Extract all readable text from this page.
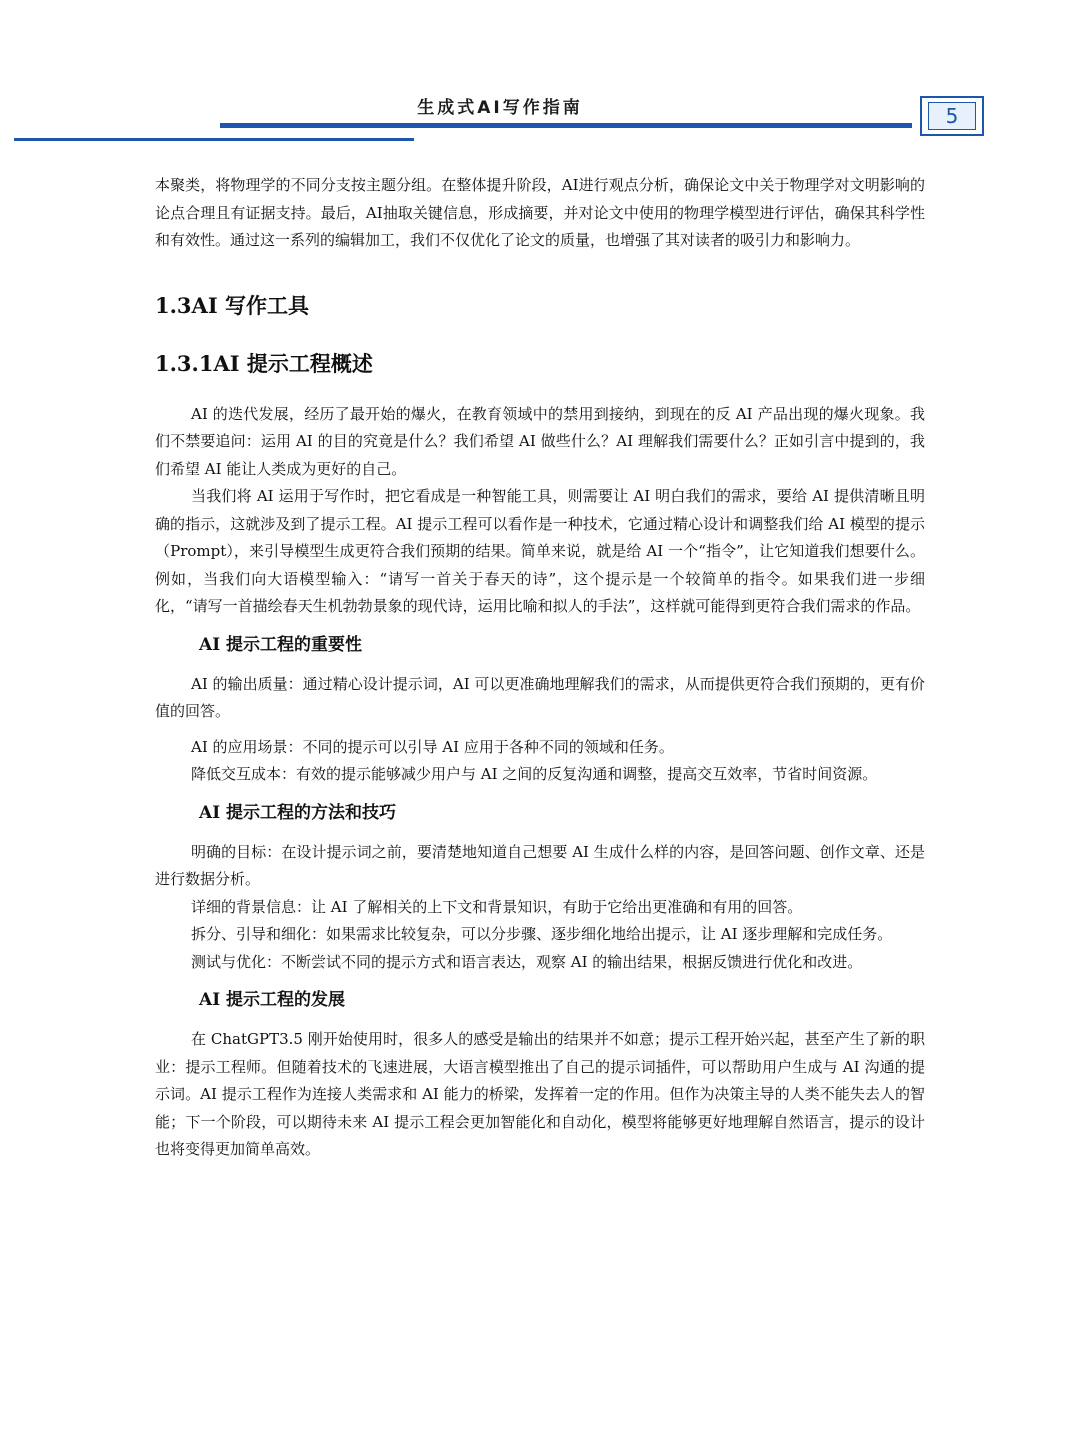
生成式AI写作指南	5

本聚类，将物理学的不同分支按主题分组。在整体提升阶段，AI进行观点分析，确保论文中关于物理学对文明影响的论点合理且有证据支持。最后，AI抽取关键信息，形成摘要，并对论文中使用的物理学模型进行评估，确保其科学性和有效性。通过这一系列的编辑加工，我们不仅优化了论文的质量，也增强了其对读者的吸引力和影响力。

1.3AI 写作工具
1.3.1AI 提示工程概述

AI 的迭代发展，经历了最开始的爆火，在教育领域中的禁用到接纳，到现在的反 AI 产品出现的爆火现象。我们不禁要追问：运用 AI 的目的究竟是什么？我们希望 AI 做些什么？AI 理解我们需要什么？正如引言中提到的，我们希望 AI 能让人类成为更好的自己。

当我们将 AI 运用于写作时，把它看成是一种智能工具，则需要让 AI 明白我们的需求，要给 AI 提供清晰且明确的指示，这就涉及到了提示工程。AI 提示工程可以看作是一种技术，它通过精心设计和调整我们给 AI 模型的提示（Prompt），来引导模型生成更符合我们预期的结果。简单来说，就是给 AI 一个“指令”，让它知道我们想要什么。例如，当我们向大语模型输入：“请写一首关于春天的诗”，这个提示是一个较简单的指令。如果我们进一步细化，“请写一首描绘春天生机勃勃景象的现代诗，运用比喻和拟人的手法”，这样就可能得到更符合我们需求的作品。

AI 提示工程的重要性

AI 的输出质量：通过精心设计提示词，AI 可以更准确地理解我们的需求，从而提供更符合我们预期的，更有价值的回答。

AI 的应用场景：不同的提示可以引导 AI 应用于各种不同的领域和任务。

降低交互成本：有效的提示能够减少用户与 AI 之间的反复沟通和调整，提高交互效率，节省时间资源。

AI 提示工程的方法和技巧

明确的目标：在设计提示词之前，要清楚地知道自己想要 AI 生成什么样的内容，是回答问题、创作文章、还是进行数据分析。

详细的背景信息：让 AI 了解相关的上下文和背景知识，有助于它给出更准确和有用的回答。

拆分、引导和细化：如果需求比较复杂，可以分步骤、逐步细化地给出提示，让 AI 逐步理解和完成任务。

测试与优化：不断尝试不同的提示方式和语言表达，观察 AI 的输出结果，根据反馈进行优化和改进。

AI 提示工程的发展

在 ChatGPT3.5 刚开始使用时，很多人的感受是输出的结果并不如意；提示工程开始兴起，甚至产生了新的职业：提示工程师。但随着技术的飞速进展，大语言模型推出了自己的提示词插件，可以帮助用户生成与 AI 沟通的提示词。AI 提示工程作为连接人类需求和 AI 能力的桥梁，发挥着一定的作用。但作为决策主导的人类不能失去人的智能；下一个阶段，可以期待未来 AI 提示工程会更加智能化和自动化，模型将能够更好地理解自然语言，提示的设计也将变得更加简单高效。
